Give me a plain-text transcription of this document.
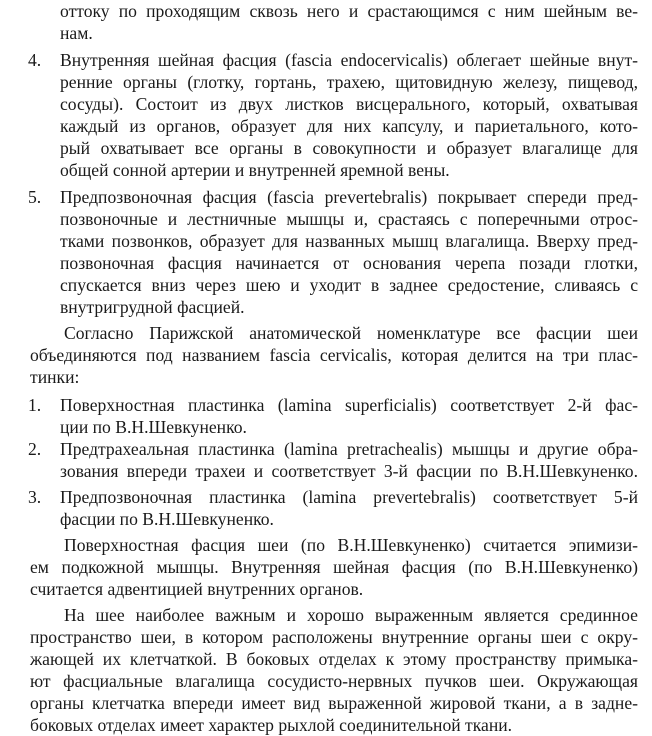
оттоку по проходящим сквозь него и срастающимся с ним шейным ве-
нам.
4. Внутренняя шейная фасция (fascia endocervicalis) облегает шейные внут-
ренние органы (глотку, гортань, трахею, щитовидную железу, пищевод,
сосуды). Состоит из двух листков висцерального, который, охватывая
каждый из органов, образует для них капсулу, и париетального, кото-
рый охватывает все органы в совокупности и образует влагалище для
общей сонной артерии и внутренней яремной вены.
5. Предпозвоночная фасция (fascia prevertebralis) покрывает спереди пред-
позвоночные и лестничные мышцы и, срастаясь с поперечными отрос-
тками позвонков, образует для названных мышц влагалища. Вверху пред-
позвоночная фасция начинается от основания черепа позади глотки,
спускается вниз через шею и уходит в заднее средостение, сливаясь с
внутригрудной фасцией.
Согласно Парижской анатомической номенклатуре все фасции шеи
объединяются под названием fascia cervicalis, которая делится на три плас-
тинки:
1. Поверхностная пластинка (lamina superficialis) соответствует 2-й фас-
ции по В.Н.Шевкуненко.
2. Предтрахеальная пластинка (lamina pretrachealis) мышцы и другие обра-
зования впереди трахеи и соответствует 3-й фасции по В.Н.Шевкуненко.
3. Предпозвоночная пластинка (lamina prevertebralis) соответствует 5-й
фасции по В.Н.Шевкуненко.
Поверхностная фасция шеи (по В.Н.Шевкуненко) считается эпимизи-
ем подкожной мышцы. Внутренняя шейная фасция (по В.Н.Шевкуненко)
считается адвентицией внутренних органов.
На шее наиболее важным и хорошо выраженным является срединное
пространство шеи, в котором расположены внутренние органы шеи с окру-
жающей их клетчаткой. В боковых отделах к этому пространству примыка-
ют фасциальные влагалища сосудисто-нервных пучков шеи. Окружающая
органы клетчатка впереди имеет вид выраженной жировой ткани, а в задне-
боковых отделах имеет характер рыхлой соединительной ткани.
